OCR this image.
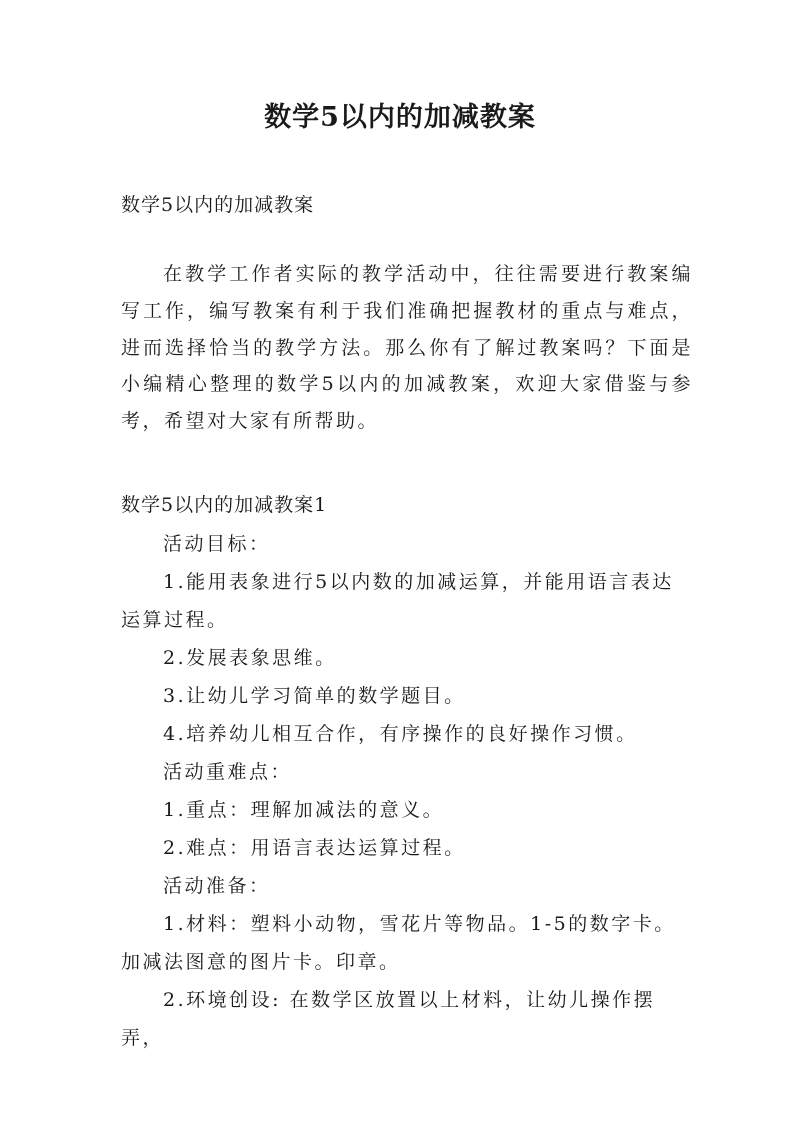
数学5以内的加减教案
数学5以内的加减教案

在教学工作者实际的教学活动中，往往需要进行教案编写工作，编写教案有利于我们准确把握教材的重点与难点，进而选择恰当的教学方法。那么你有了解过教案吗？下面是小编精心整理的数学5以内的加减教案，欢迎大家借鉴与参考，希望对大家有所帮助。

数学5以内的加减教案1

活动目标：

1.能用表象进行5以内数的加减运算，并能用语言表达运算过程。

2.发展表象思维。

3.让幼儿学习简单的数学题目。

4.培养幼儿相互合作，有序操作的良好操作习惯。

活动重难点：

1.重点：理解加减法的意义。

2.难点：用语言表达运算过程。

活动准备：

1.材料：塑料小动物，雪花片等物品。1-5的数字卡。加减法图意的图片卡。印章。

2.环境创设: 在数学区放置以上材料，让幼儿操作摆弄，
